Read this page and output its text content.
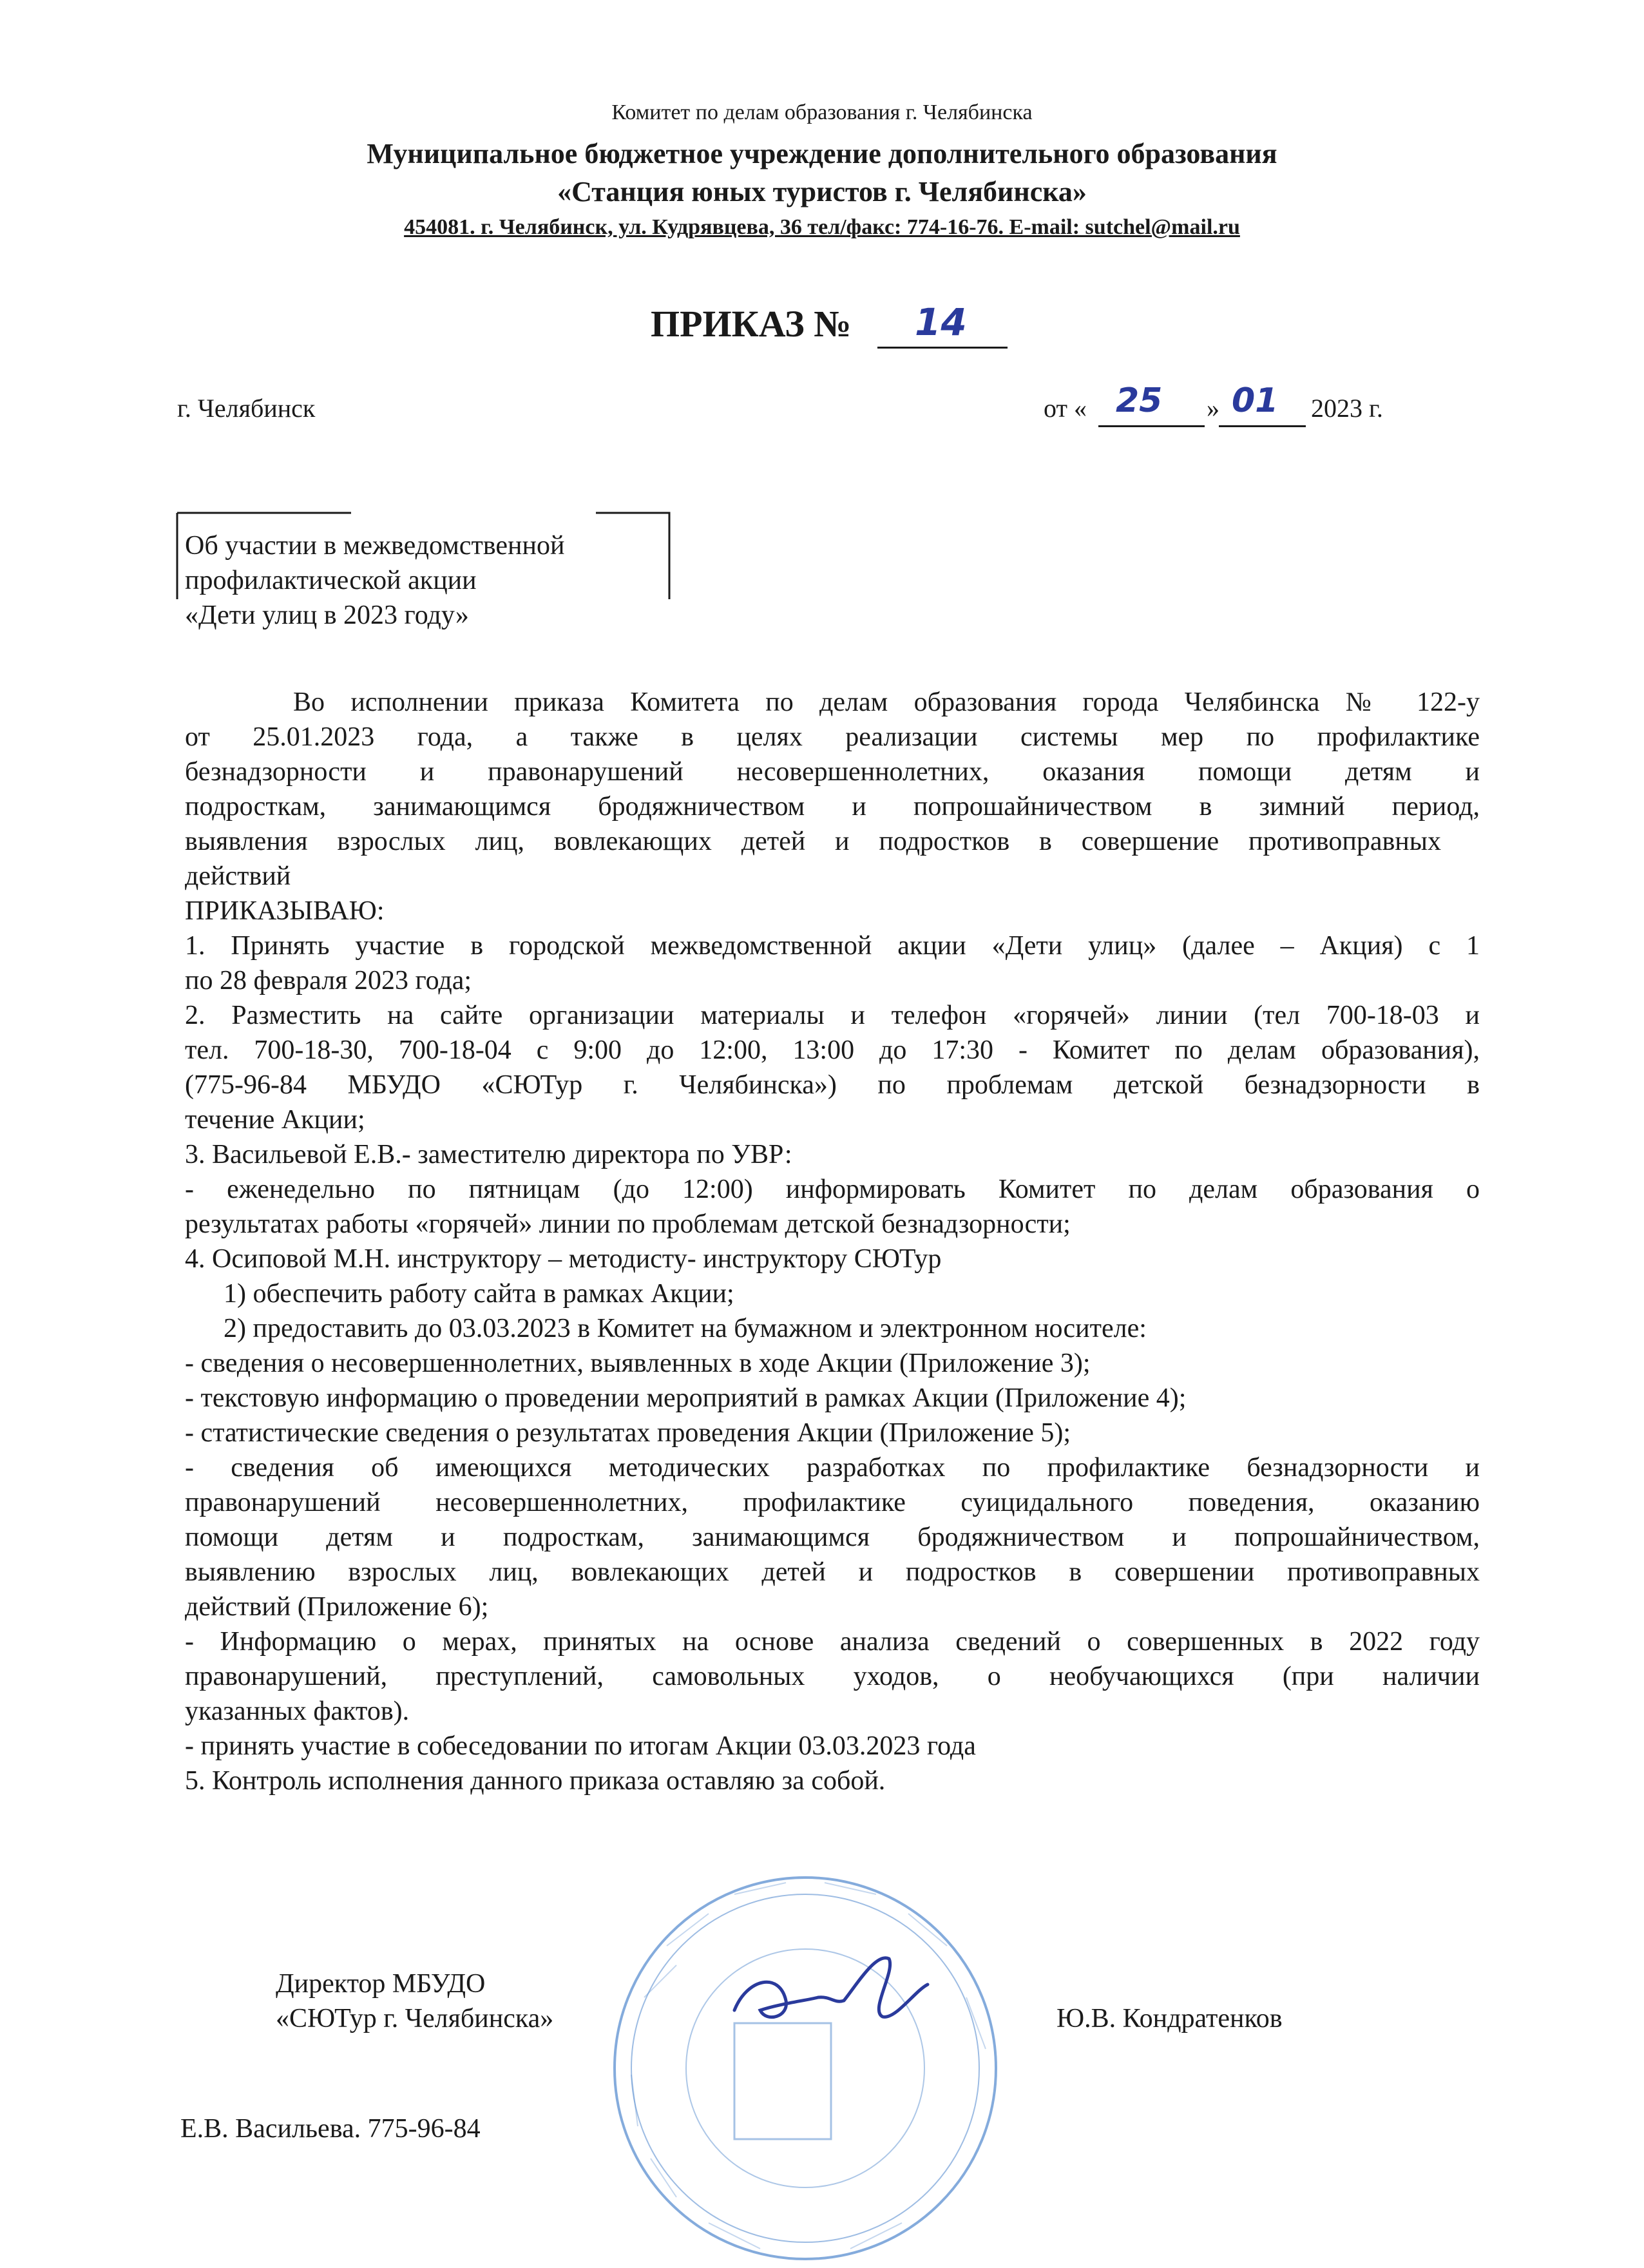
Комитет по делам образования г. Челябинска
Муниципальное бюджетное учреждение дополнительного образования
«Станция юных туристов г. Челябинска»
454081. г. Челябинск, ул. Кудрявцева, 36 тел/факс: 774-16-76. E-mail: sutchel@mail.ru
ПРИКАЗ № 14
г. Челябинск	от « 25 » 01 2023 г.
Об участии в межведомственной
профилактической акции
«Дети улиц в 2023 году»
Во исполнении приказа Комитета по делам образования города Челябинска № 122-у
от 25.01.2023 года, а также в целях реализации системы мер по профилактике
безнадзорности и правонарушений несовершеннолетних, оказания помощи детям и
подросткам, занимающимся бродяжничеством и попрошайничеством в зимний период,
выявления взрослых лиц, вовлекающих детей и подростков в совершение противоправных
действий
ПРИКАЗЫВАЮ:
1. Принять участие в городской межведомственной акции «Дети улиц» (далее – Акция) с 1
по 28 февраля 2023 года;
2. Разместить на сайте организации материалы и телефон «горячей» линии (тел 700-18-03 и
тел. 700-18-30, 700-18-04 с 9:00 до 12:00, 13:00 до 17:30 - Комитет по делам образования),
(775-96-84 МБУДО «СЮТур г. Челябинска») по проблемам детской безнадзорности в
течение Акции;
3. Васильевой Е.В.- заместителю директора по УВР:
- еженедельно по пятницам (до 12:00) информировать Комитет по делам образования о
результатах работы «горячей» линии по проблемам детской безнадзорности;
4. Осиповой М.Н. инструктору – методисту- инструктору СЮТур
1) обеспечить работу сайта в рамках Акции;
2) предоставить до 03.03.2023 в Комитет на бумажном и электронном носителе:
- сведения о несовершеннолетних, выявленных в ходе Акции (Приложение 3);
- текстовую информацию о проведении мероприятий в рамках Акции (Приложение 4);
- статистические сведения о результатах проведения Акции (Приложение 5);
- сведения об имеющихся методических разработках по профилактике безнадзорности и
правонарушений несовершеннолетних, профилактике суицидального поведения, оказанию
помощи детям и подросткам, занимающимся бродяжничеством и попрошайничеством,
выявлению взрослых лиц, вовлекающих детей и подростков в совершении противоправных
действий (Приложение 6);
- Информацию о мерах, принятых на основе анализа сведений о совершенных в 2022 году
правонарушений, преступлений, самовольных уходов, о необучающихся (при наличии
указанных фактов).
- принять участие в собеседовании по итогам Акции 03.03.2023 года
5. Контроль исполнения данного приказа оставляю за собой.
Директор МБУДО
«СЮТур г. Челябинска»	Ю.В. Кондратенков
Е.В. Васильева. 775-96-84
